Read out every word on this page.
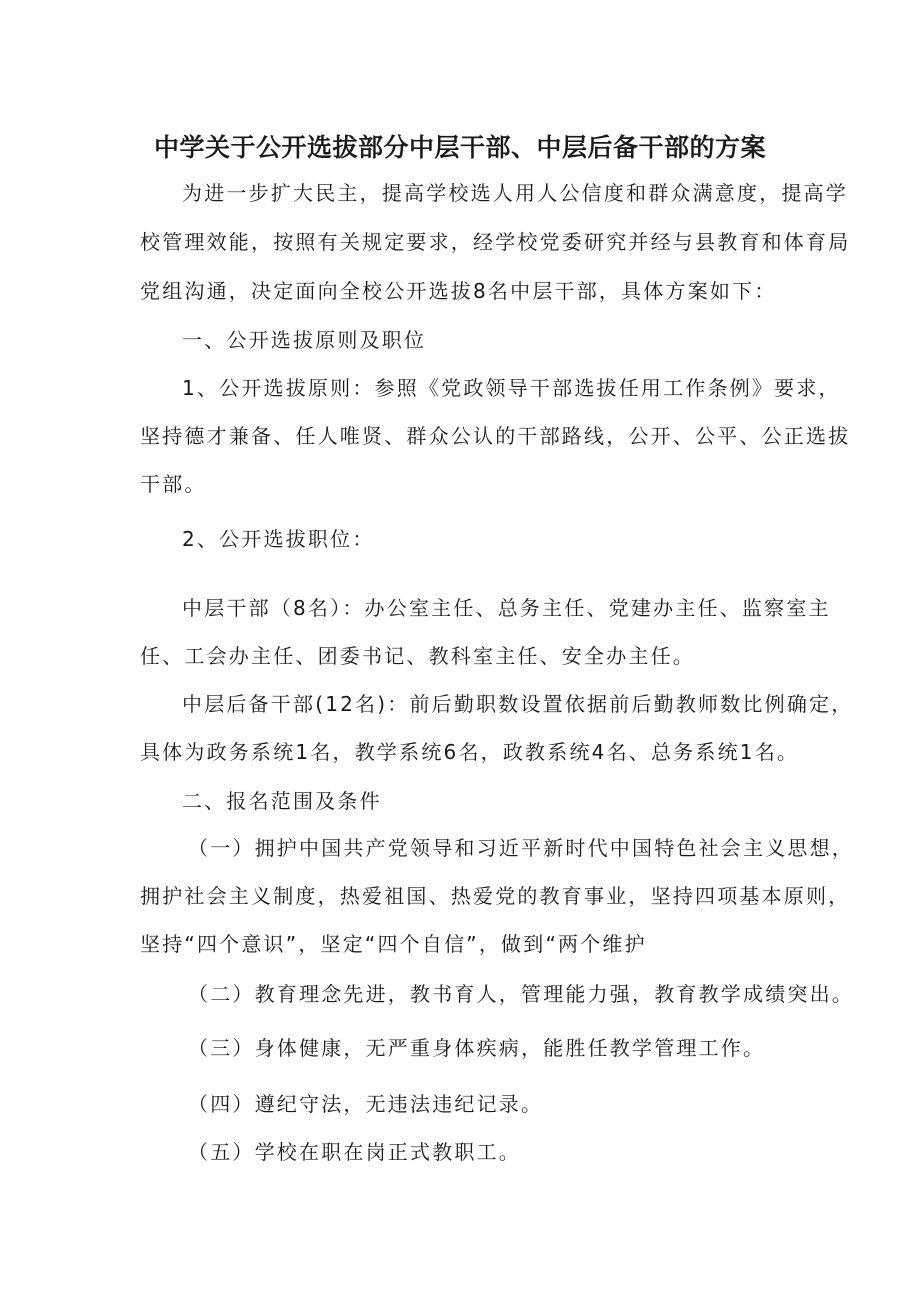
中学关于公开选拔部分中层干部、中层后备干部的方案
为进一步扩大民主，提高学校选人用人公信度和群众满意度，提高学
校管理效能，按照有关规定要求，经学校党委研究并经与县教育和体育局
党组沟通，决定面向全校公开选拔8名中层干部，具体方案如下：
一、公开选拔原则及职位
1、公开选拔原则：参照《党政领导干部选拔任用工作条例》要求，
坚持德才兼备、任人唯贤、群众公认的干部路线，公开、公平、公正选拔
干部。
2、公开选拔职位：
中层干部（8名）：办公室主任、总务主任、党建办主任、监察室主
任、工会办主任、团委书记、教科室主任、安全办主任。
中层后备干部(12名)：前后勤职数设置依据前后勤教师数比例确定，
具体为政务系统1名，教学系统6名，政教系统4名、总务系统1名。
二、报名范围及条件
（一）拥护中国共产党领导和习近平新时代中国特色社会主义思想，
拥护社会主义制度，热爱祖国、热爱党的教育事业，坚持四项基本原则，
坚持“四个意识”，坚定“四个自信”，做到“两个维护
（二）教育理念先进，教书育人，管理能力强，教育教学成绩突出。
（三）身体健康，无严重身体疾病，能胜任教学管理工作。
（四）遵纪守法，无违法违纪记录。
（五）学校在职在岗正式教职工。
